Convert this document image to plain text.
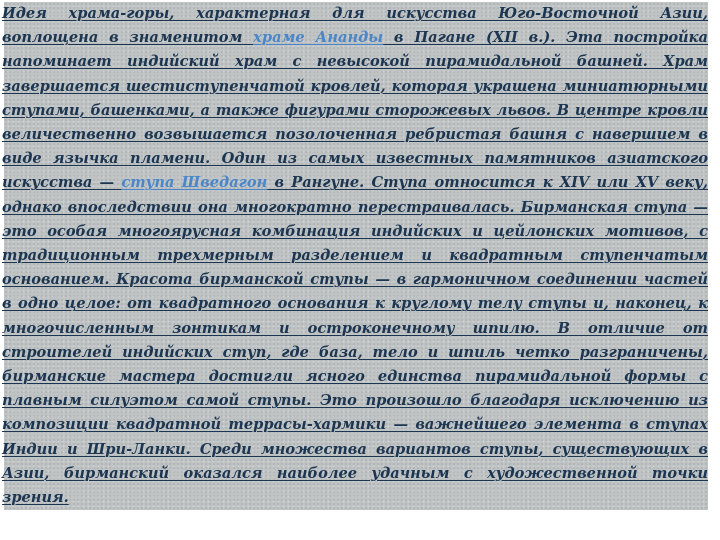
Идея храма-горы, характерная для искусства Юго-Восточной Азии, воплощена в знаменитом храме Ананды в Пагане (XII в.). Эта постройка напоминает индийский храм с невысокой пирамидальной башней. Храм завершается шестиступенчатой кровлей, которая украшена миниатюрными ступами, башенками, а также фигурами сторожевых львов. В центре кровли величественно возвышается позолоченная ребристая башня с навершием в виде язычка пламени. Один из самых известных памятников азиатского искусства — ступа Шведагон в Рангуне. Ступа относится к XIV или XV веку, однако впоследствии она многократно перестраивалась. Бирманская ступа — это особая многоярусная комбинация индийских и цейлонских мотивов, с традиционным трехмерным разделением и квадратным ступенчатым основанием. Красота бирманской ступы — в гармоничном соединении частей в одно целое: от квадратного основания к круглому телу ступы и, наконец, к многочисленным зонтикам и остроконечному шпилю. В отличие от строителей индийских ступ, где база, тело и шпиль четко разграничены, бирманские мастера достигли ясного единства пирамидальной формы с плавным силуэтом самой ступы. Это произошло благодаря исключению из композиции квадратной террасы-хармики — важнейшего элемента в ступах Индии и Шри-Ланки. Среди множества вариантов ступы, существующих в Азии, бирманский оказался наиболее удачным с художественной точки зрения.
